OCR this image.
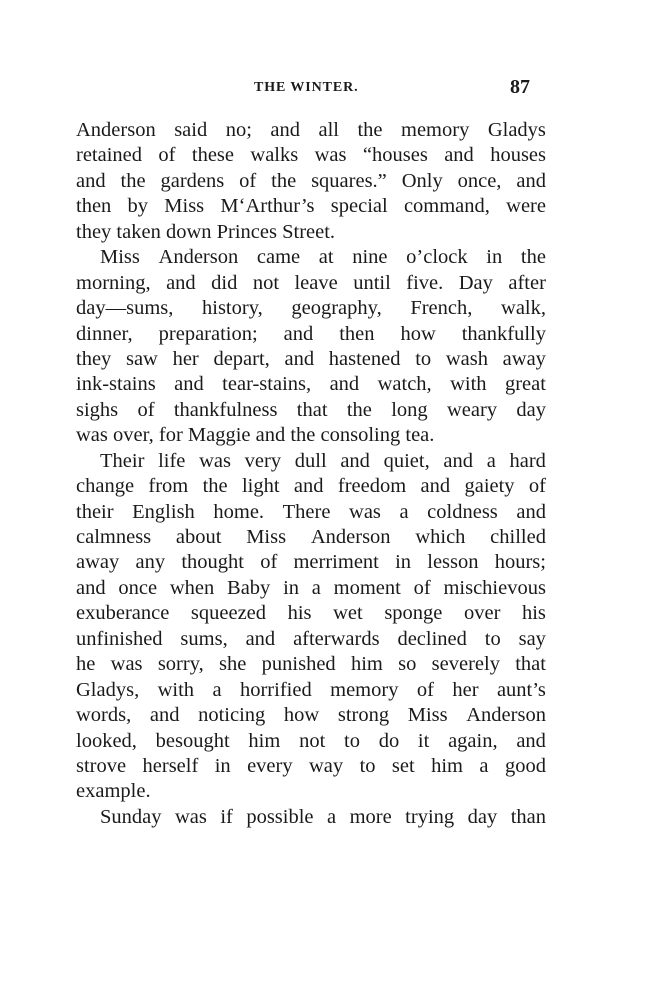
THE WINTER.	87
Anderson said no; and all the memory Gladys
retained of these walks was “houses and houses
and the gardens of the squares.” Only once, and
then by Miss M‘Arthur’s special command, were
they taken down Princes Street.
Miss Anderson came at nine o’clock in the
morning, and did not leave until five. Day after
day—sums, history, geography, French, walk,
dinner, preparation; and then how thankfully
they saw her depart, and hastened to wash away
ink-stains and tear-stains, and watch, with great
sighs of thankfulness that the long weary day
was over, for Maggie and the consoling tea.
Their life was very dull and quiet, and a hard
change from the light and freedom and gaiety of
their English home. There was a coldness and
calmness about Miss Anderson which chilled
away any thought of merriment in lesson hours;
and once when Baby in a moment of mischievous
exuberance squeezed his wet sponge over his
unfinished sums, and afterwards declined to say
he was sorry, she punished him so severely that
Gladys, with a horrified memory of her aunt’s
words, and noticing how strong Miss Anderson
looked, besought him not to do it again, and
strove herself in every way to set him a good
example.
Sunday was if possible a more trying day than
